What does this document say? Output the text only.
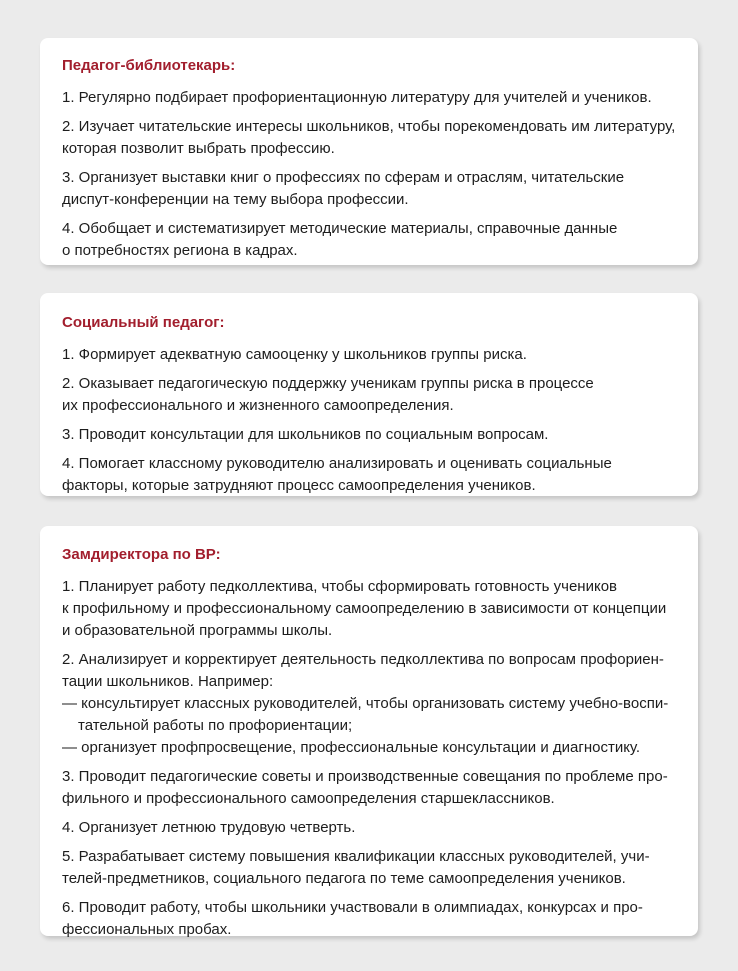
Педагог-библиотекарь:
1. Регулярно подбирает профориентационную литературу для учителей и учеников.
2. Изучает читательские интересы школьников, чтобы порекомендовать им литературу,
которая позволит выбрать профессию.
3. Организует выставки книг о профессиях по сферам и отраслям, читательские
диспут-конференции на тему выбора профессии.
4. Обобщает и систематизирует методические материалы, справочные данные
о потребностях региона в кадрах.
Социальный педагог:
1. Формирует адекватную самооценку у школьников группы риска.
2. Оказывает педагогическую поддержку ученикам группы риска в процессе
их профессионального и жизненного самоопределения.
3. Проводит консультации для школьников по социальным вопросам.
4. Помогает классному руководителю анализировать и оценивать социальные
факторы, которые затрудняют процесс самоопределения учеников.
Замдиректора по ВР:
1. Планирует работу педколлектива, чтобы сформировать готовность учеников
к профильному и профессиональному самоопределению в зависимости от концепции
и образовательной программы школы.
2. Анализирует и корректирует деятельность педколлектива по вопросам профориен-
тации школьников. Например:
— консультирует классных руководителей, чтобы организовать систему учебно-воспи-
тательной работы по профориентации;
— организует профпросвещение, профессиональные консультации и диагностику.
3. Проводит педагогические советы и производственные совещания по проблеме про-
фильного и профессионального самоопределения старшеклассников.
4. Организует летнюю трудовую четверть.
5. Разрабатывает систему повышения квалификации классных руководителей, учи-
телей-предметников, социального педагога по теме самоопределения учеников.
6. Проводит работу, чтобы школьники участвовали в олимпиадах, конкурсах и про-
фессиональных пробах.
